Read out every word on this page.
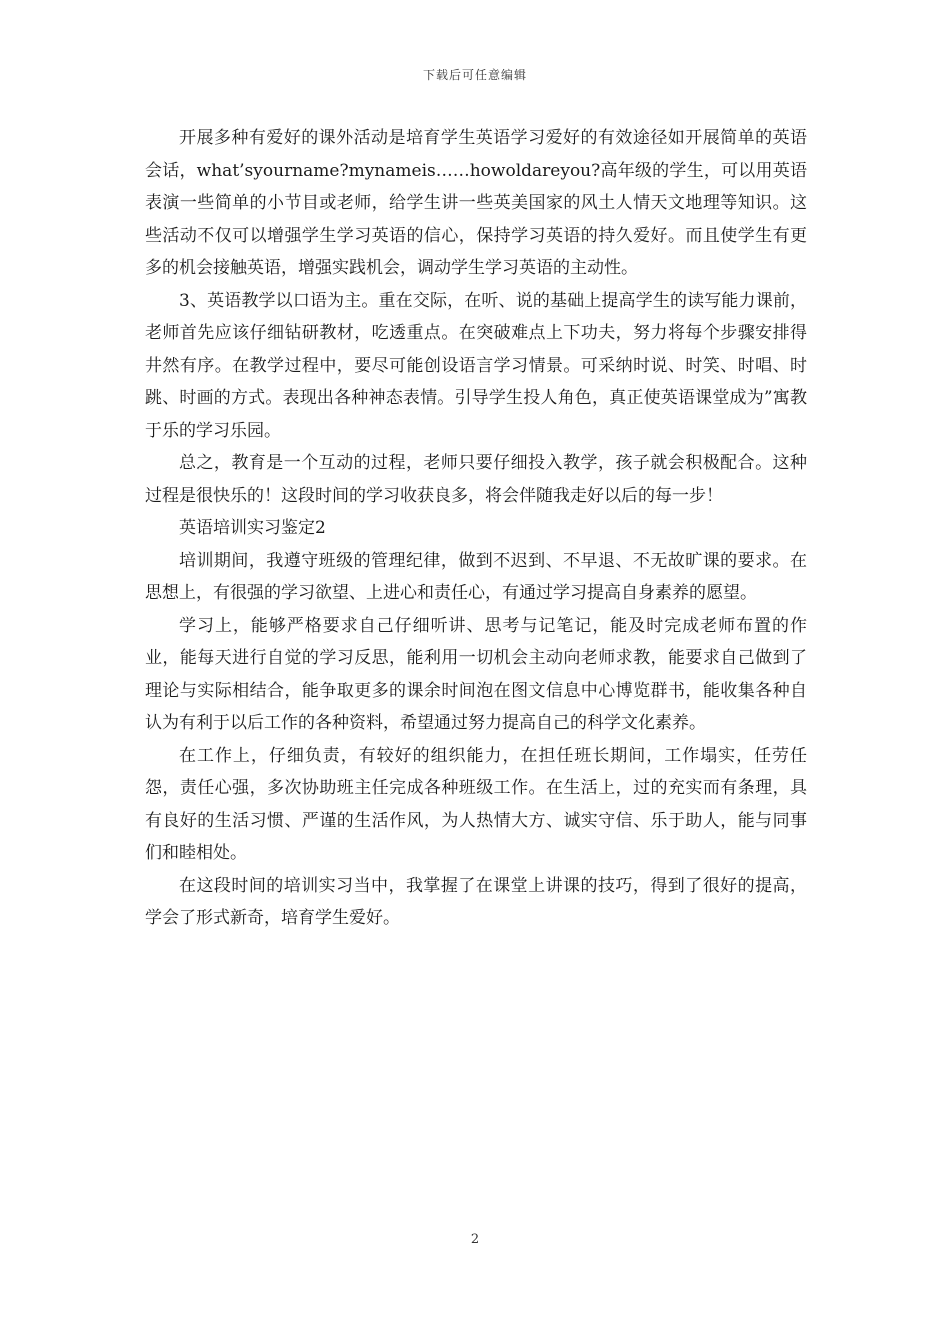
下载后可任意编辑

开展多种有爱好的课外活动是培育学生英语学习爱好的有效途径如开展简单的英语会话，what’syourname?mynameis……howoldareyou?高年级的学生，可以用英语表演一些简单的小节目或老师，给学生讲一些英美国家的风土人情天文地理等知识。这些活动不仅可以增强学生学习英语的信心，保持学习英语的持久爱好。而且使学生有更多的机会接触英语，增强实践机会，调动学生学习英语的主动性。

3、英语教学以口语为主。重在交际，在听、说的基础上提高学生的读写能力课前，老师首先应该仔细钻研教材，吃透重点。在突破难点上下功夫，努力将每个步骤安排得井然有序。在教学过程中，要尽可能创设语言学习情景。可采纳时说、时笑、时唱、时跳、时画的方式。表现出各种神态表情。引导学生投人角色，真正使英语课堂成为”寓教于乐的学习乐园。

总之，教育是一个互动的过程，老师只要仔细投入教学，孩子就会积极配合。这种过程是很快乐的！这段时间的学习收获良多，将会伴随我走好以后的每一步！

英语培训实习鉴定2

培训期间，我遵守班级的管理纪律，做到不迟到、不早退、不无故旷课的要求。在思想上，有很强的学习欲望、上进心和责任心，有通过学习提高自身素养的愿望。

学习上，能够严格要求自己仔细听讲、思考与记笔记，能及时完成老师布置的作业，能每天进行自觉的学习反思，能利用一切机会主动向老师求教，能要求自己做到了理论与实际相结合，能争取更多的课余时间泡在图文信息中心博览群书，能收集各种自认为有利于以后工作的各种资料，希望通过努力提高自己的科学文化素养。

在工作上，仔细负责，有较好的组织能力，在担任班长期间，工作塌实，任劳任怨，责任心强，多次协助班主任完成各种班级工作。在生活上，过的充实而有条理，具有良好的生活习惯、严谨的生活作风，为人热情大方、诚实守信、乐于助人，能与同事们和睦相处。

在这段时间的培训实习当中，我掌握了在课堂上讲课的技巧，得到了很好的提高，学会了形式新奇，培育学生爱好。

2
